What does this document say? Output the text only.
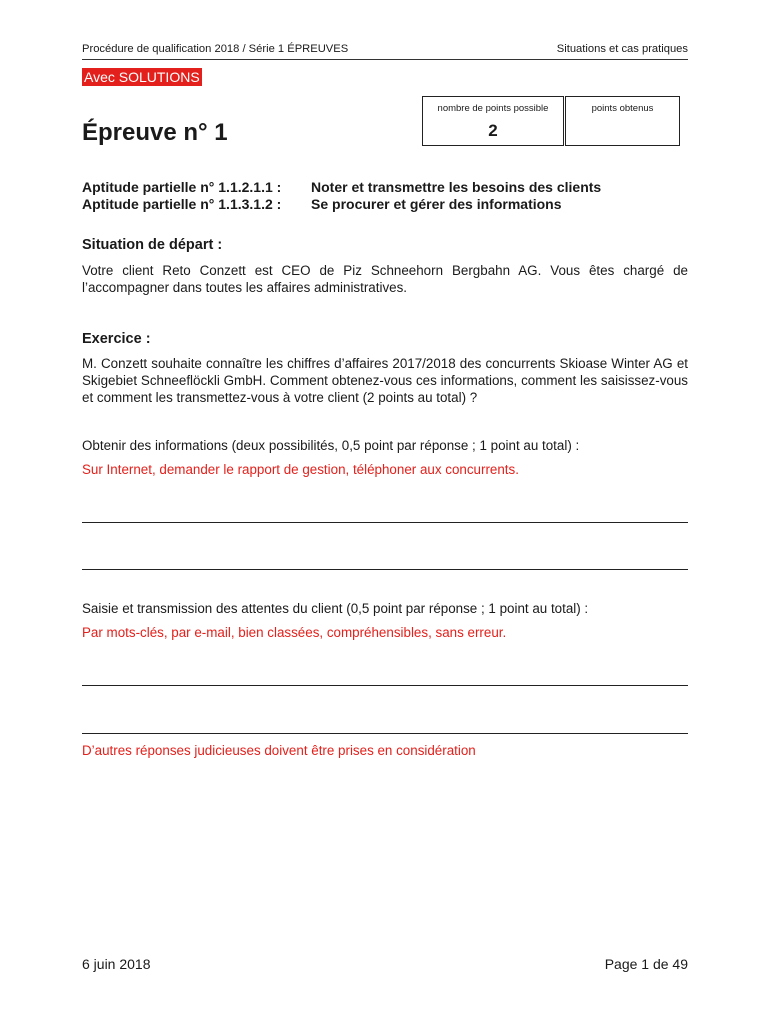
Procédure de qualification 2018 / Série 1 ÉPREUVES	Situations et cas pratiques
Avec SOLUTIONS
Épreuve n° 1
nombre de points possible
2
points obtenus
Aptitude partielle n° 1.1.2.1.1 :	Noter et transmettre les besoins des clients
Aptitude partielle n° 1.1.3.1.2 :	Se procurer et gérer des informations
Situation de départ :
Votre client Reto Conzett est CEO de Piz Schneehorn Bergbahn AG. Vous êtes chargé de l’accompagner dans toutes les affaires administratives.
Exercice :
M. Conzett souhaite connaître les chiffres d’affaires 2017/2018 des concurrents Skioase Winter AG et Skigebiet Schneeflöckli GmbH. Comment obtenez-vous ces informations, comment les saisissez-vous et comment les transmettez-vous à votre client (2 points au total) ?
Obtenir des informations (deux possibilités, 0,5 point par réponse ; 1 point au total) :
Sur Internet, demander le rapport de gestion, téléphoner aux concurrents.
Saisie et transmission des attentes du client (0,5 point par réponse ; 1 point au total) :
Par mots-clés, par e-mail, bien classées, compréhensibles, sans erreur.
D’autres réponses judicieuses doivent être prises en considération
6 juin 2018	Page 1 de 49
